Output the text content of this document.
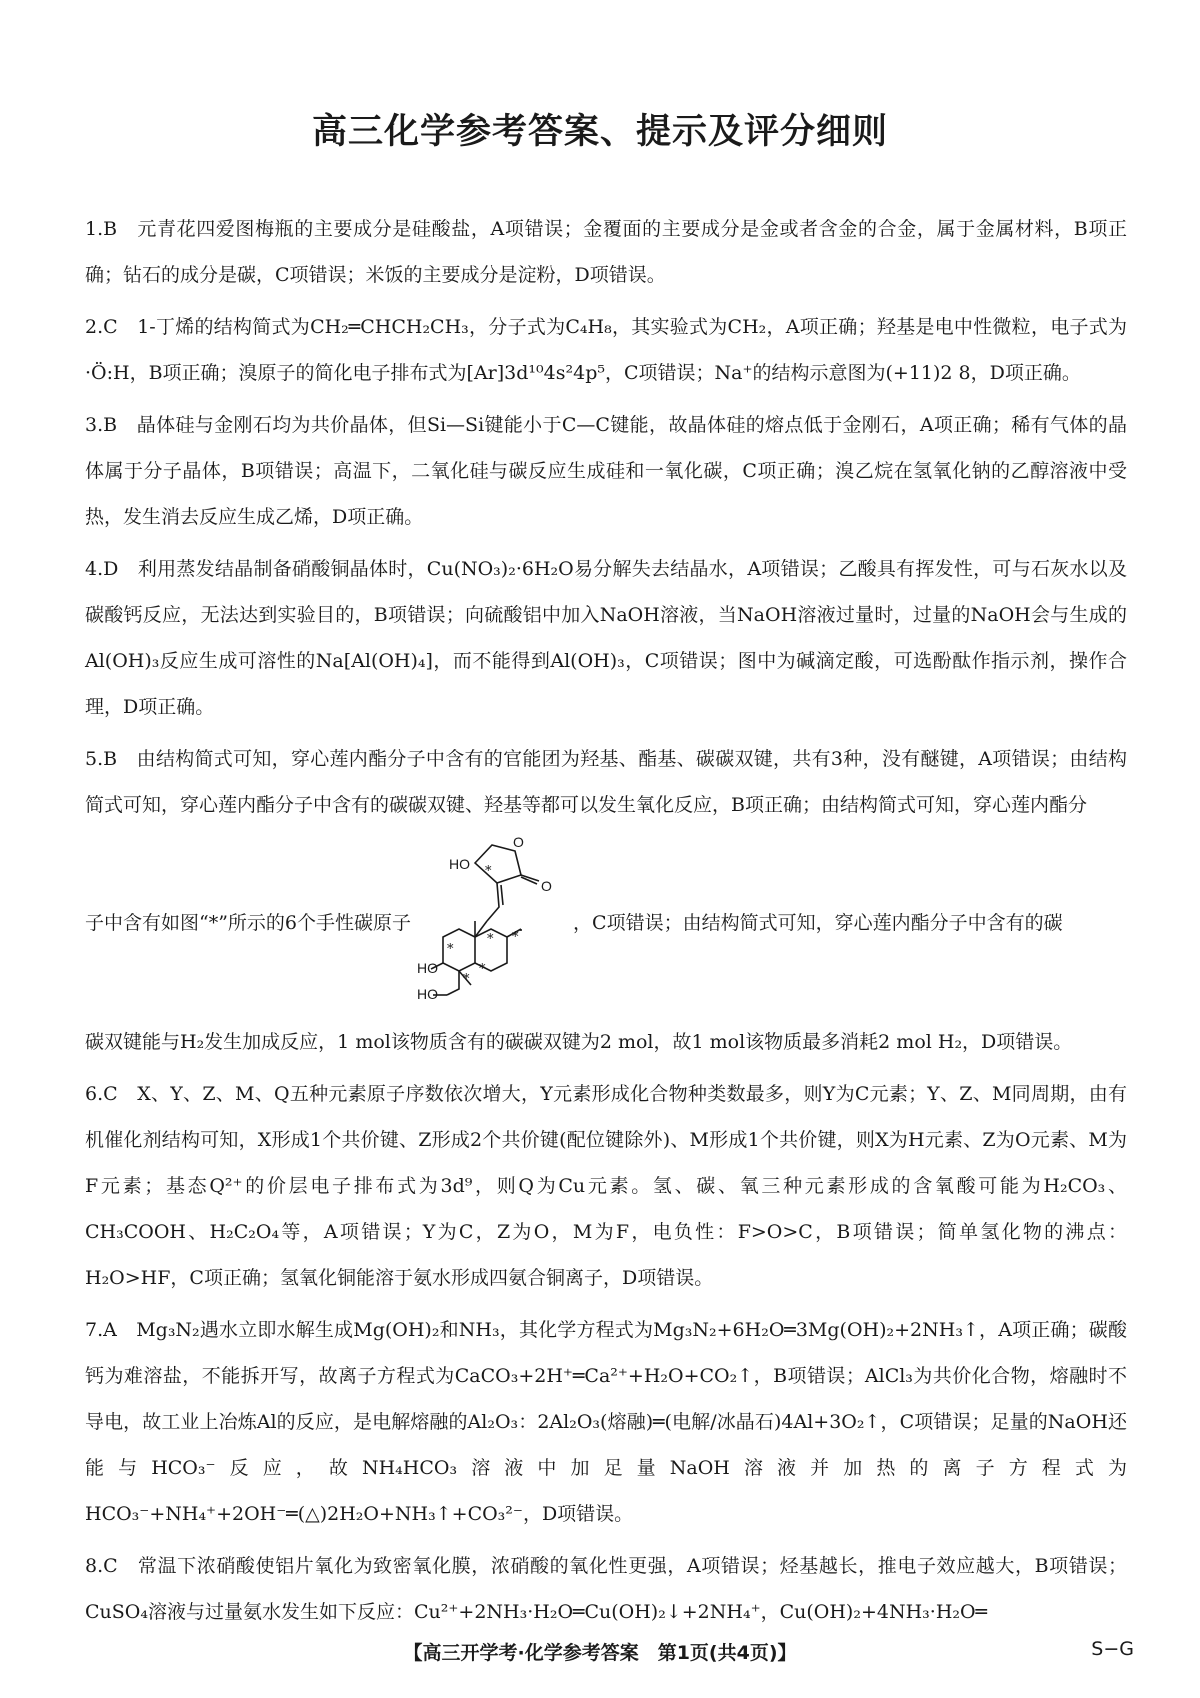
高三化学参考答案、提示及评分细则

1.B　元青花四爱图梅瓶的主要成分是硅酸盐，A项错误；金覆面的主要成分是金或者含金的合金，属于金属材料，B项正确；钻石的成分是碳，C项错误；米饭的主要成分是淀粉，D项错误。

2.C　1-丁烯的结构简式为CH₂═CHCH₂CH₃，分子式为C₄H₈，其实验式为CH₂，A项正确；羟基是电中性微粒，电子式为·Ö:H，B项正确；溴原子的简化电子排布式为[Ar]3d¹⁰4s²4p⁵，C项错误；Na⁺的结构示意图为(+11)2 8，D项正确。

3.B　晶体硅与金刚石均为共价晶体，但Si—Si键能小于C—C键能，故晶体硅的熔点低于金刚石，A项正确；稀有气体的晶体属于分子晶体，B项错误；高温下，二氧化硅与碳反应生成硅和一氧化碳，C项正确；溴乙烷在氢氧化钠的乙醇溶液中受热，发生消去反应生成乙烯，D项正确。

4.D　利用蒸发结晶制备硝酸铜晶体时，Cu(NO₃)₂·6H₂O易分解失去结晶水，A项错误；乙酸具有挥发性，可与石灰水以及碳酸钙反应，无法达到实验目的，B项错误；向硫酸铝中加入NaOH溶液，当NaOH溶液过量时，过量的NaOH会与生成的Al(OH)₃反应生成可溶性的Na[Al(OH)₄]，而不能得到Al(OH)₃，C项错误；图中为碱滴定酸，可选酚酞作指示剂，操作合理，D项正确。

5.B　由结构简式可知，穿心莲内酯分子中含有的官能团为羟基、酯基、碳碳双键，共有3种，没有醚键，A项错误；由结构简式可知，穿心莲内酯分子中含有的碳碳双键、羟基等都可以发生氧化反应，B项正确；由结构简式可知，穿心莲内酯分

子中含有如图“*”所示的6个手性碳原子
HO
O
O
HO
HO
*
* *
*
*
*
，C项错误；由结构简式可知，穿心莲内酯分子中含有的碳

碳双键能与H₂发生加成反应，1 mol该物质含有的碳碳双键为2 mol，故1 mol该物质最多消耗2 mol H₂，D项错误。

6.C　X、Y、Z、M、Q五种元素原子序数依次增大，Y元素形成化合物种类数最多，则Y为C元素；Y、Z、M同周期，由有机催化剂结构可知，X形成1个共价键、Z形成2个共价键(配位键除外)、M形成1个共价键，则X为H元素、Z为O元素、M为F元素；基态Q²⁺的价层电子排布式为3d⁹，则Q为Cu元素。氢、碳、氧三种元素形成的含氧酸可能为H₂CO₃、CH₃COOH、H₂C₂O₄等，A项错误；Y为C，Z为O，M为F，电负性：F>O>C，B项错误；简单氢化物的沸点：H₂O>HF，C项正确；氢氧化铜能溶于氨水形成四氨合铜离子，D项错误。

7.A　Mg₃N₂遇水立即水解生成Mg(OH)₂和NH₃，其化学方程式为Mg₃N₂+6H₂O═3Mg(OH)₂+2NH₃↑，A项正确；碳酸钙为难溶盐，不能拆开写，故离子方程式为CaCO₃+2H⁺═Ca²⁺+H₂O+CO₂↑，B项错误；AlCl₃为共价化合物，熔融时不导电，故工业上冶炼Al的反应，是电解熔融的Al₂O₃：2Al₂O₃(熔融)═(电解/冰晶石)4Al+3O₂↑，C项错误；足量的NaOH还能与HCO₃⁻反应，故NH₄HCO₃溶液中加足量NaOH溶液并加热的离子方程式为HCO₃⁻+NH₄⁺+2OH⁻═(△)2H₂O+NH₃↑+CO₃²⁻，D项错误。

8.C　常温下浓硝酸使铝片氧化为致密氧化膜，浓硝酸的氧化性更强，A项错误；烃基越长，推电子效应越大，B项错误；CuSO₄溶液与过量氨水发生如下反应：Cu²⁺+2NH₃·H₂O═Cu(OH)₂↓+2NH₄⁺，Cu(OH)₂+4NH₃·H₂O═

【高三开学考·化学参考答案　第1页(共4页)】	S−G
